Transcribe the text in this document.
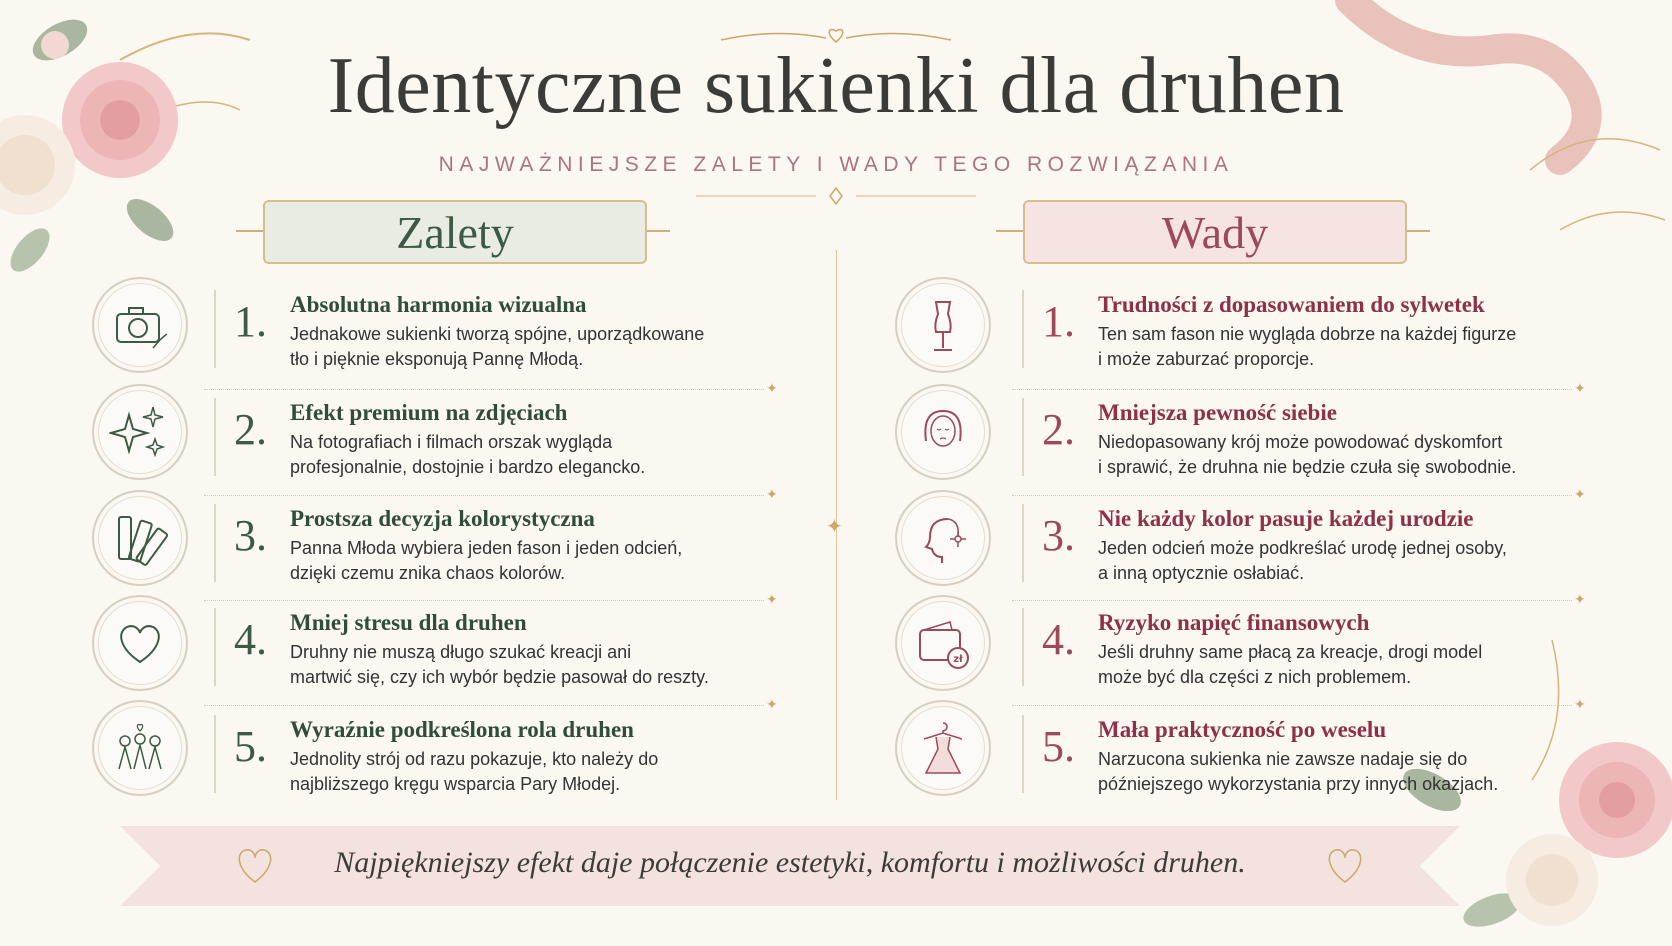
Identyczne sukienki dla druhen
NAJWAŻNIEJSZE ZALETY I WADY TEGO ROZWIĄZANIA
Zalety	Wady
✦
1. Absolutna harmonia wizualna
Jednakowe sukienki tworzą spójne, uporządkowane
tło i pięknie eksponują Pannę Młodą.
✦
2. Efekt premium na zdjęciach
Na fotografiach i filmach orszak wygląda
profesjonalnie, dostojnie i bardzo elegancko.
✦
3. Prostsza decyzja kolorystyczna
Panna Młoda wybiera jeden fason i jeden odcień,
dzięki czemu znika chaos kolorów.
✦
4. Mniej stresu dla druhen
Druhny nie muszą długo szukać kreacji ani
martwić się, czy ich wybór będzie pasował do reszty.
✦
5. Wyraźnie podkreślona rola druhen
Jednolity strój od razu pokazuje, kto należy do
najbliższego kręgu wsparcia Pary Młodej.
1. Trudności z dopasowaniem do sylwetek
Ten sam fason nie wygląda dobrze na każdej figurze
i może zaburzać proporcje.
✦
2. Mniejsza pewność siebie
Niedopasowany krój może powodować dyskomfort
i sprawić, że druhna nie będzie czuła się swobodnie.
✦
3. Nie każdy kolor pasuje każdej urodzie
Jeden odcień może podkreślać urodę jednej osoby,
a inną optycznie osłabiać.
✦
zł 4. Ryzyko napięć finansowych
Jeśli druhny same płacą za kreacje, drogi model
może być dla części z nich problemem.
✦
5. Mała praktyczność po weselu
Narzucona sukienka nie zawsze nadaje się do
późniejszego wykorzystania przy innych okazjach.
Najpiękniejszy efekt daje połączenie estetyki, komfortu i możliwości druhen.
